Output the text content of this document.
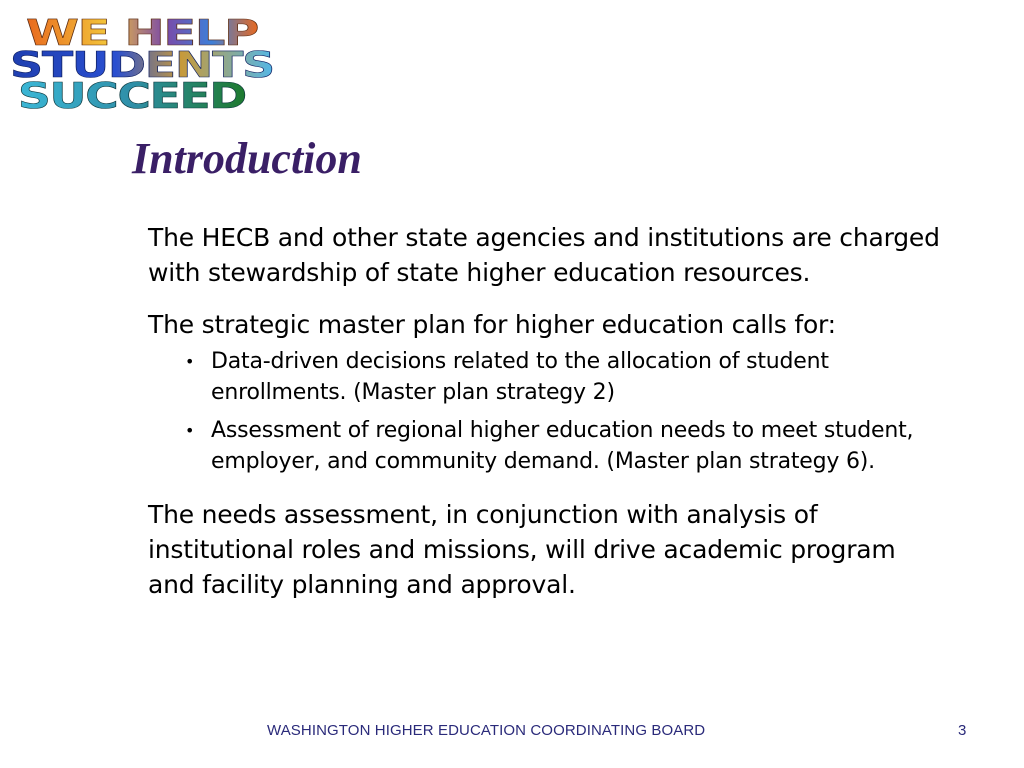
WE HELP
STUDENTS
SUCCEED
Introduction

The HECB and other state agencies and institutions are charged with stewardship of state higher education resources.

The strategic master plan for higher education calls for:

• Data-driven decisions related to the allocation of student enrollments. (Master plan strategy 2)
• Assessment of regional higher education needs to meet student, employer, and community demand. (Master plan strategy 6).

The needs assessment, in conjunction with analysis of institutional roles and missions, will drive academic program and facility planning and approval.

WASHINGTON HIGHER EDUCATION COORDINATING BOARD	3
